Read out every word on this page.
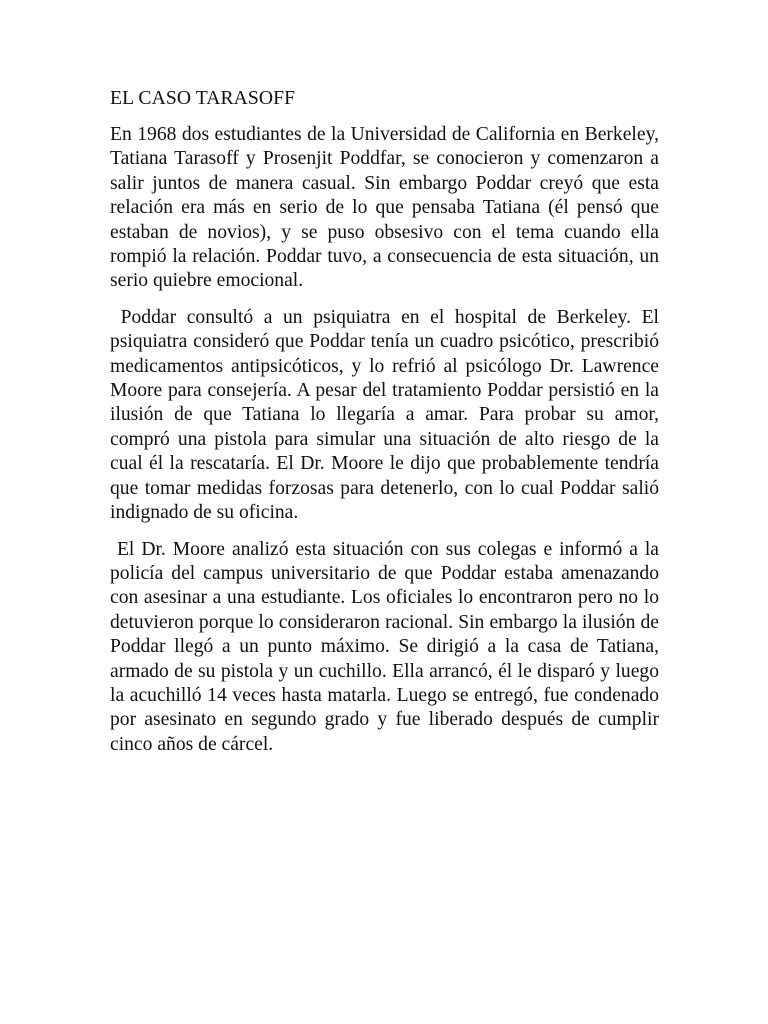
EL CASO TARASOFF

En 1968 dos estudiantes de la Universidad de California en Berkeley, Tatiana Tarasoff y Prosenjit Poddfar, se conocieron y comenzaron a salir juntos de manera casual. Sin embargo Poddar creyó que esta relación era más en serio de lo que pensaba Tatiana (él pensó que estaban de novios), y se puso obsesivo con el tema cuando ella rompió la relación. Poddar tuvo, a consecuencia de esta situación, un serio quiebre emocional.

Poddar consultó a un psiquiatra en el hospital de Berkeley. El psiquiatra consideró que Poddar tenía un cuadro psicótico, prescribió medicamentos antipsicóticos, y lo refrió al psicólogo Dr. Lawrence Moore para consejería. A pesar del tratamiento Poddar persistió en la ilusión de que Tatiana lo llegaría a amar. Para probar su amor, compró una pistola para simular una situación de alto riesgo de la cual él la rescataría. El Dr. Moore le dijo que probablemente tendría que tomar medidas forzosas para detenerlo, con lo cual Poddar salió indignado de su oficina.

El Dr. Moore analizó esta situación con sus colegas e informó a la policía del campus universitario de que Poddar estaba amenazando con asesinar a una estudiante. Los oficiales lo encontraron pero no lo detuvieron porque lo consideraron racional. Sin embargo la ilusión de Poddar llegó a un punto máximo. Se dirigió a la casa de Tatiana, armado de su pistola y un cuchillo. Ella arrancó, él le disparó y luego la acuchilló 14 veces hasta matarla. Luego se entregó, fue condenado por asesinato en segundo grado y fue liberado después de cumplir cinco años de cárcel.
